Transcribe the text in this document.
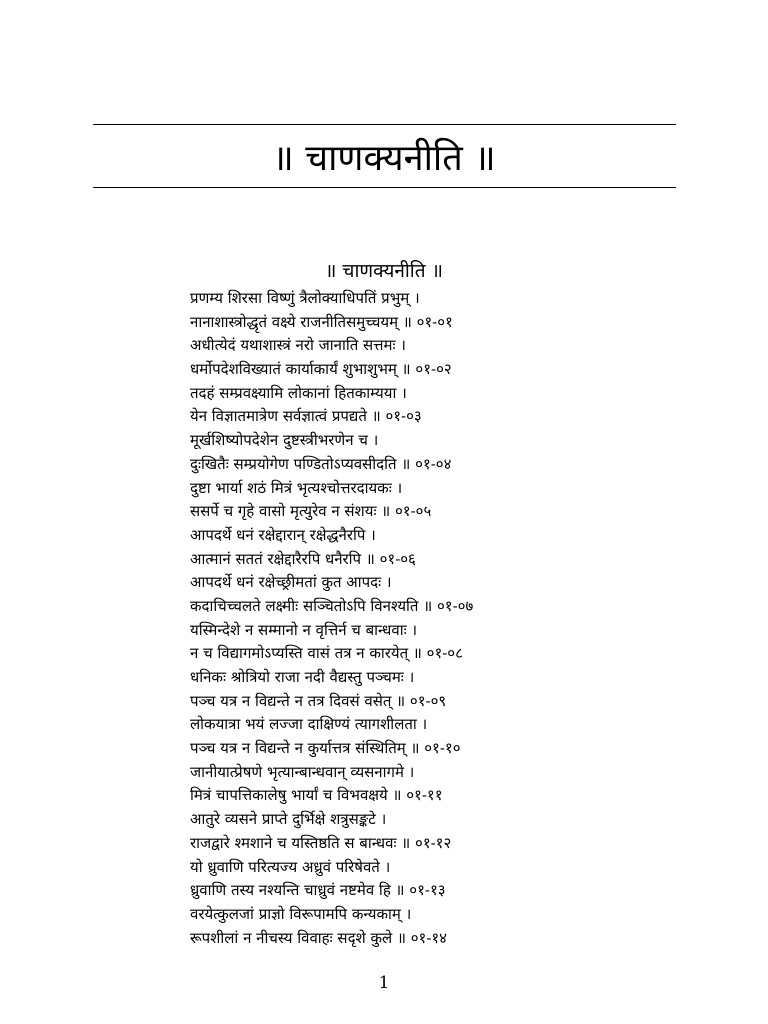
॥ चाणक्यनीति ॥
॥ चाणक्यनीति ॥
प्रणम्य शिरसा विष्णुं त्रैलोक्याधिपतिं प्रभुम् ।
नानाशास्त्रोद्धृतं वक्ष्ये राजनीतिसमुच्चयम् ॥ ०१-०१
अधीत्येदं यथाशास्त्रं नरो जानाति सत्तमः ।
धर्मोपदेशविख्यातं कार्याकार्यं शुभाशुभम् ॥ ०१-०२
तदहं सम्प्रवक्ष्यामि लोकानां हितकाम्यया ।
येन विज्ञातमात्रेण सर्वज्ञात्वं प्रपद्यते ॥ ०१-०३
मूर्खशिष्योपदेशेन दुष्टस्त्रीभरणेन च ।
दुःखितैः सम्प्रयोगेण पण्डितोऽप्यवसीदति ॥ ०१-०४
दुष्टा भार्या शठं मित्रं भृत्यश्चोत्तरदायकः ।
ससर्पे च गृहे वासो मृत्युरेव न संशयः ॥ ०१-०५
आपदर्थे धनं रक्षेद्दारान् रक्षेद्धनैरपि ।
आत्मानं सततं रक्षेद्दारैरपि धनैरपि ॥ ०१-०६
आपदर्थे धनं रक्षेच्छ्रीमतां कुत आपदः ।
कदाचिच्चलते लक्ष्मीः सञ्चितोऽपि विनश्यति ॥ ०१-०७
यस्मिन्देशे न सम्मानो न वृत्तिर्न च बान्धवाः ।
न च विद्यागमोऽप्यस्ति वासं तत्र न कारयेत् ॥ ०१-०८
धनिकः श्रोत्रियो राजा नदी वैद्यस्तु पञ्चमः ।
पञ्च यत्र न विद्यन्ते न तत्र दिवसं वसेत् ॥ ०१-०९
लोकयात्रा भयं लज्जा दाक्षिण्यं त्यागशीलता ।
पञ्च यत्र न विद्यन्ते न कुर्यात्तत्र संस्थितिम् ॥ ०१-१०
जानीयात्प्रेषणे भृत्यान्बान्धवान् व्यसनागमे ।
मित्रं चापत्तिकालेषु भार्यां च विभवक्षये ॥ ०१-११
आतुरे व्यसने प्राप्ते दुर्भिक्षे शत्रुसङ्कटे ।
राजद्वारे श्मशाने च यस्तिष्ठति स बान्धवः ॥ ०१-१२
यो ध्रुवाणि परित्यज्य अध्रुवं परिषेवते ।
ध्रुवाणि तस्य नश्यन्ति चाध्रुवं नष्टमेव हि ॥ ०१-१३
वरयेत्कुलजां प्राज्ञो विरूपामपि कन्यकाम् ।
रूपशीलां न नीचस्य विवाहः सदृशे कुले ॥ ०१-१४
1
